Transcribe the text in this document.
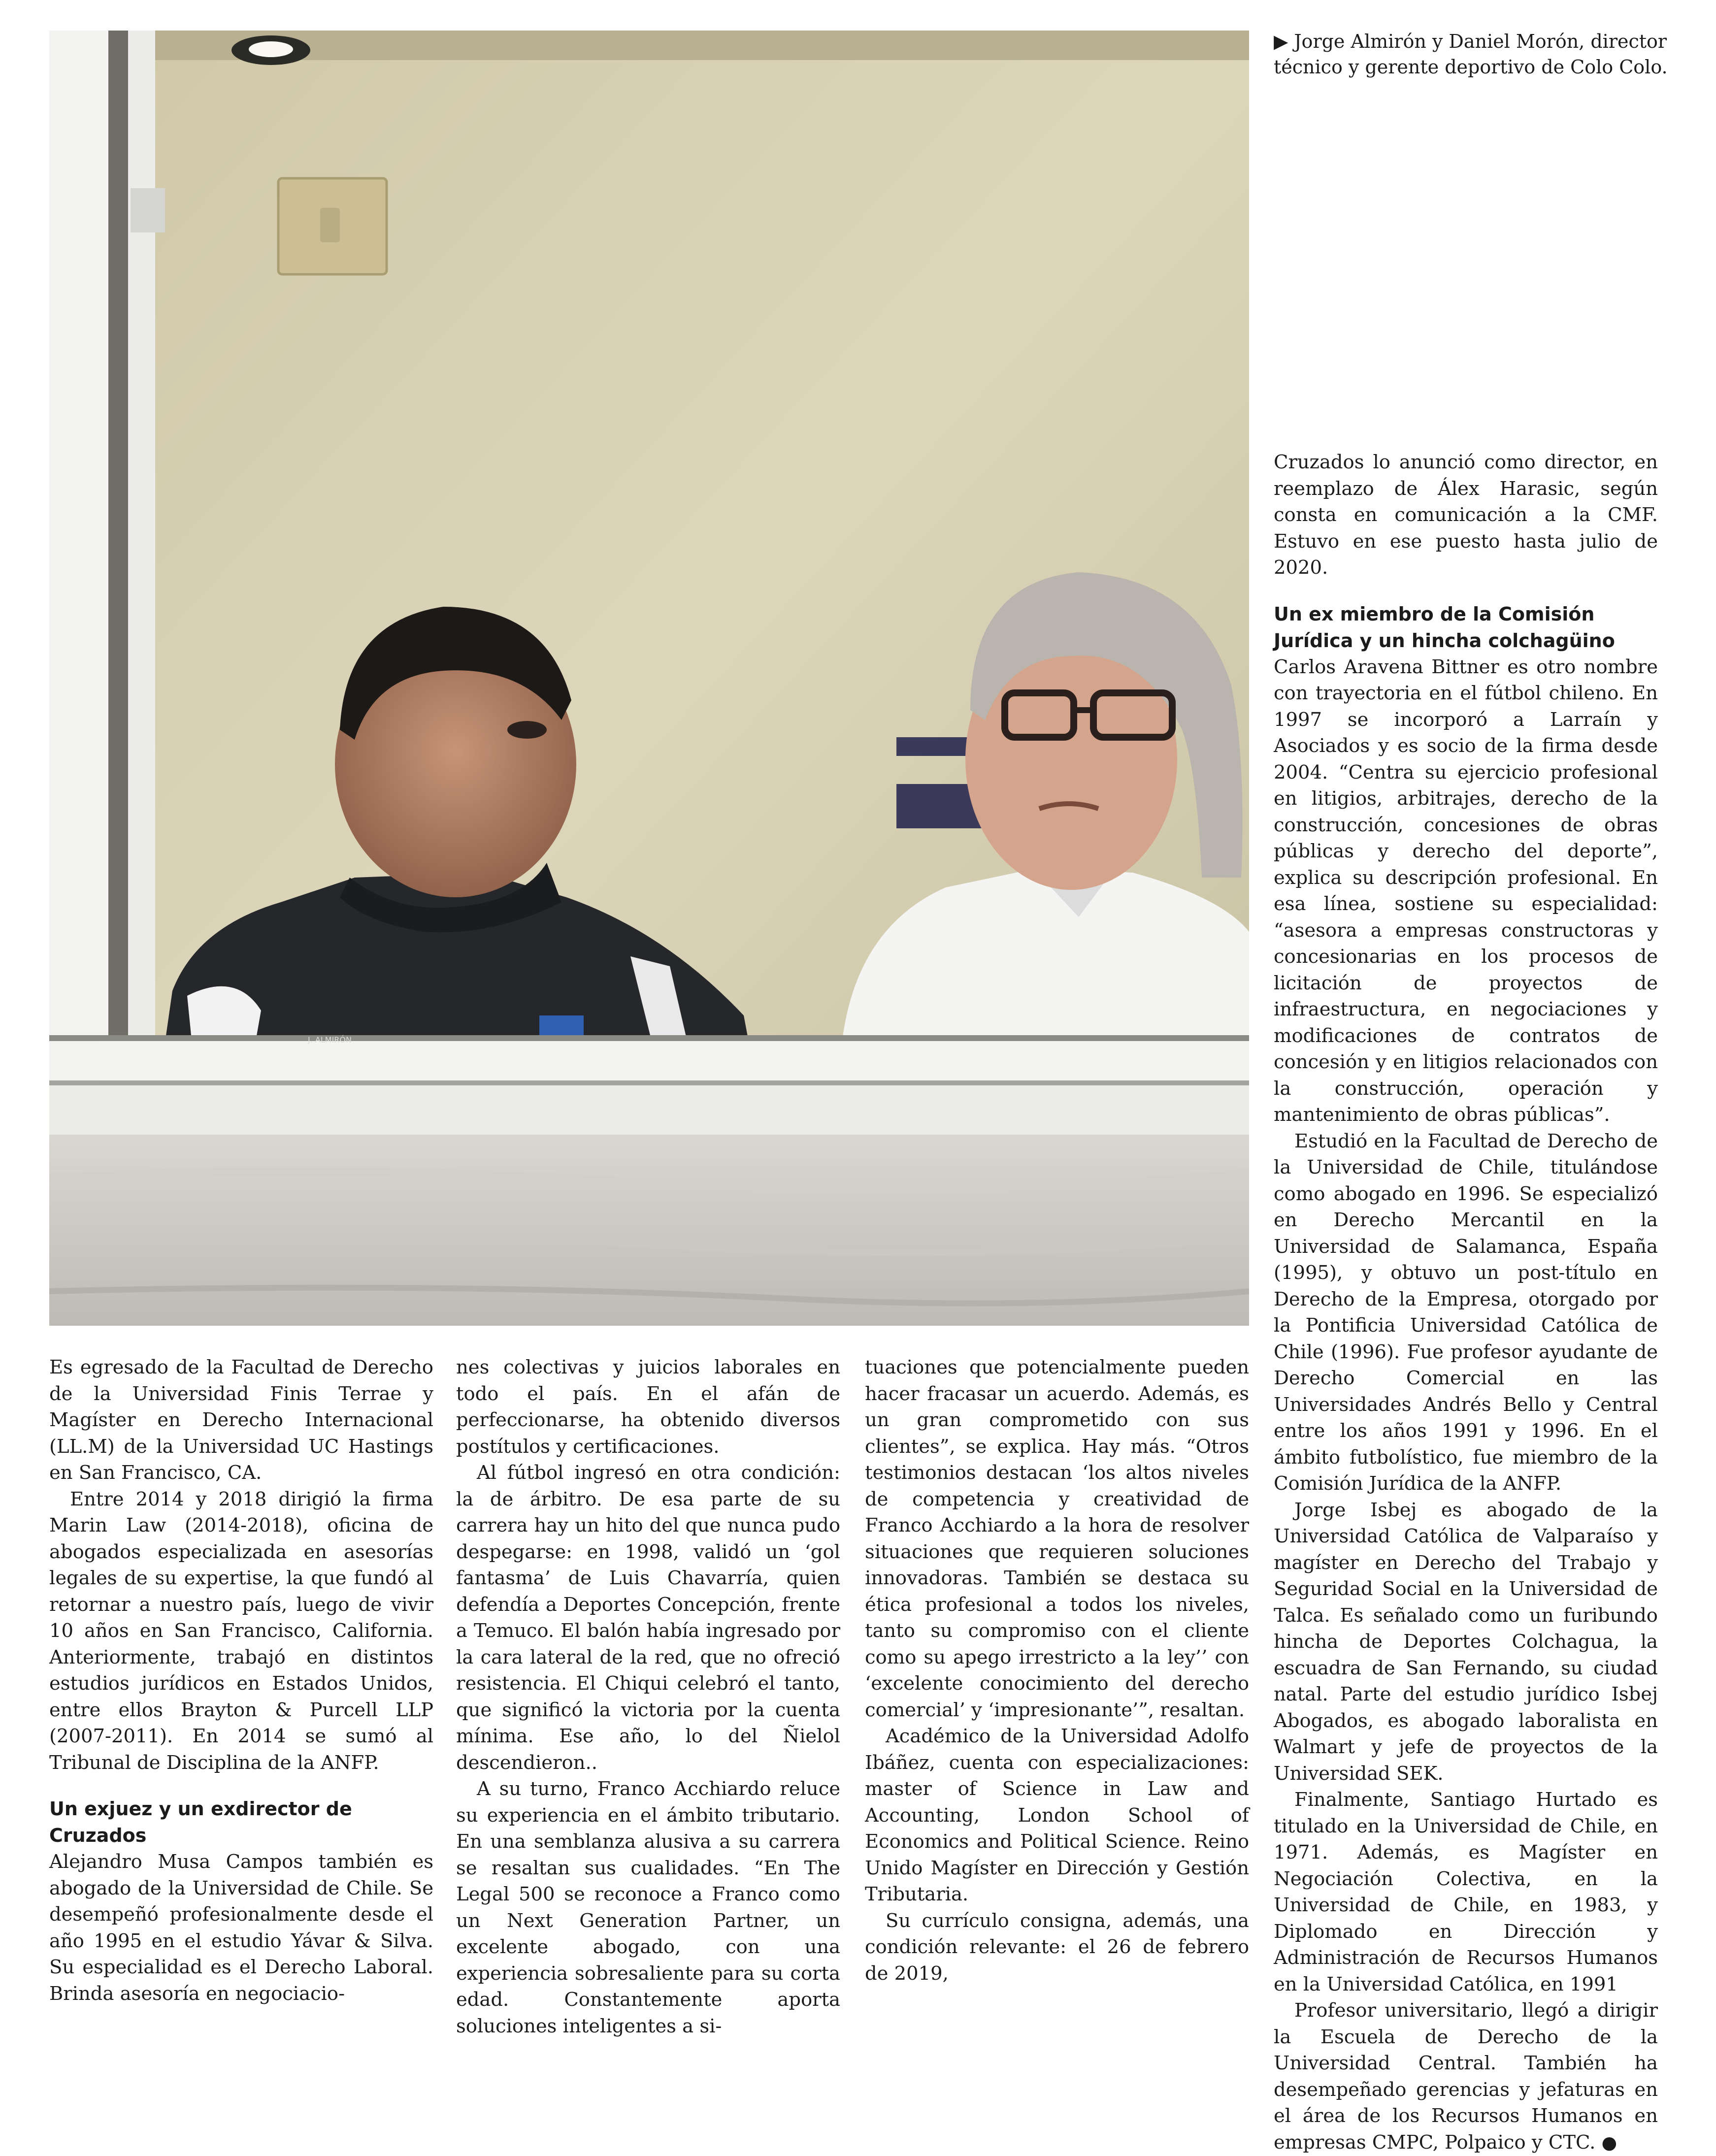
J. ALMIRÓN
▶ Jorge Almirón y Daniel Morón, director técnico y gerente deportivo de Colo Colo.

Es egresado de la Facultad de Derecho de la Universidad Finis Terrae y Magíster en Derecho Internacional (LL.M) de la Universidad UC Hastings en San Francisco, CA.

Entre 2014 y 2018 dirigió la firma Marin Law (2014-2018), oficina de abogados especializada en asesorías legales de su expertise, la que fundó al retornar a nuestro país, luego de vivir 10 años en San Francisco, California. Anteriormente, trabajó en distintos estudios jurídicos en Estados Unidos, entre ellos Brayton & Purcell LLP (2007-2011). En 2014 se sumó al Tribunal de Disciplina de la ANFP.

Un exjuez y un exdirector de Cruzados

Alejandro Musa Campos también es abogado de la Universidad de Chile. Se desempeñó profesionalmente desde el año 1995 en el estudio Yávar & Silva. Su especialidad es el Derecho Laboral. Brinda asesoría en negociacio-

nes colectivas y juicios laborales en todo el país. En el afán de perfeccionarse, ha obtenido diversos postítulos y certificaciones.

Al fútbol ingresó en otra condición: la de árbitro. De esa parte de su carrera hay un hito del que nunca pudo despegarse: en 1998, validó un ‘gol fantasma’ de Luis Chavarría, quien defendía a Deportes Concepción, frente a Temuco. El balón había ingresado por la cara lateral de la red, que no ofreció resistencia. El Chiqui celebró el tanto, que significó la victoria por la cuenta mínima. Ese año, lo del Ñielol descendieron..

A su turno, Franco Acchiardo reluce su experiencia en el ámbito tributario. En una semblanza alusiva a su carrera se resaltan sus cualidades. “En The Legal 500 se reconoce a Franco como un Next Generation Partner, un excelente abogado, con una experiencia sobresaliente para su corta edad. Constantemente aporta soluciones inteligentes a si-

tuaciones que potencialmente pueden hacer fracasar un acuerdo. Además, es un gran comprometido con sus clientes”, se explica. Hay más. “Otros testimonios destacan ‘los altos niveles de competencia y creatividad de Franco Acchiardo a la hora de resolver situaciones que requieren soluciones innovadoras. También se destaca su ética profesional a todos los niveles, tanto su compromiso con el cliente como su apego irrestricto a la ley’’ con ‘excelente conocimiento del derecho comercial’ y ‘impresionante’”, resaltan.

Académico de la Universidad Adolfo Ibáñez, cuenta con especializaciones: master of Science in Law and Accounting, London School of Economics and Political Science. Reino Unido Magíster en Dirección y Gestión Tributaria.

Su currículo consigna, además, una condición relevante: el 26 de febrero de 2019,

Cruzados lo anunció como director, en reemplazo de Álex Harasic, según consta en comunicación a la CMF. Estuvo en ese puesto hasta julio de 2020.

Un ex miembro de la Comisión Jurídica y un hincha colchagüino

Carlos Aravena Bittner es otro nombre con trayectoria en el fútbol chileno. En 1997 se incorporó a Larraín y Asociados y es socio de la firma desde 2004. “Centra su ejercicio profesional en litigios, arbitrajes, derecho de la construcción, concesiones de obras públicas y derecho del deporte”, explica su descripción profesional. En esa línea, sostiene su especialidad: “asesora a empresas constructoras y concesionarias en los procesos de licitación de proyectos de infraestructura, en negociaciones y modificaciones de contratos de concesión y en litigios relacionados con la construcción, operación y mantenimiento de obras públicas”.

Estudió en la Facultad de Derecho de la Universidad de Chile, titulándose como abogado en 1996. Se especializó en Derecho Mercantil en la Universidad de Salamanca, España (1995), y obtuvo un post-título en Derecho de la Empresa, otorgado por la Pontificia Universidad Católica de Chile (1996). Fue profesor ayudante de Derecho Comercial en las Universidades Andrés Bello y Central entre los años 1991 y 1996. En el ámbito futbolístico, fue miembro de la Comisión Jurídica de la ANFP.

Jorge Isbej es abogado de la Universidad Católica de Valparaíso y magíster en Derecho del Trabajo y Seguridad Social en la Universidad de Talca. Es señalado como un furibundo hincha de Deportes Colchagua, la escuadra de San Fernando, su ciudad natal. Parte del estudio jurídico Isbej Abogados, es abogado laboralista en Walmart y jefe de proyectos de la Universidad SEK.

Finalmente, Santiago Hurtado es titulado en la Universidad de Chile, en 1971. Además, es Magíster en Negociación Colectiva, en la Universidad de Chile, en 1983, y Diplomado en Dirección y Administración de Recursos Humanos en la Universidad Católica, en 1991

Profesor universitario, llegó a dirigir la Escuela de Derecho de la Universidad Central. También ha desempeñado gerencias y jefaturas en el área de los Recursos Humanos en empresas CMPC, Polpaico y CTC. ●
